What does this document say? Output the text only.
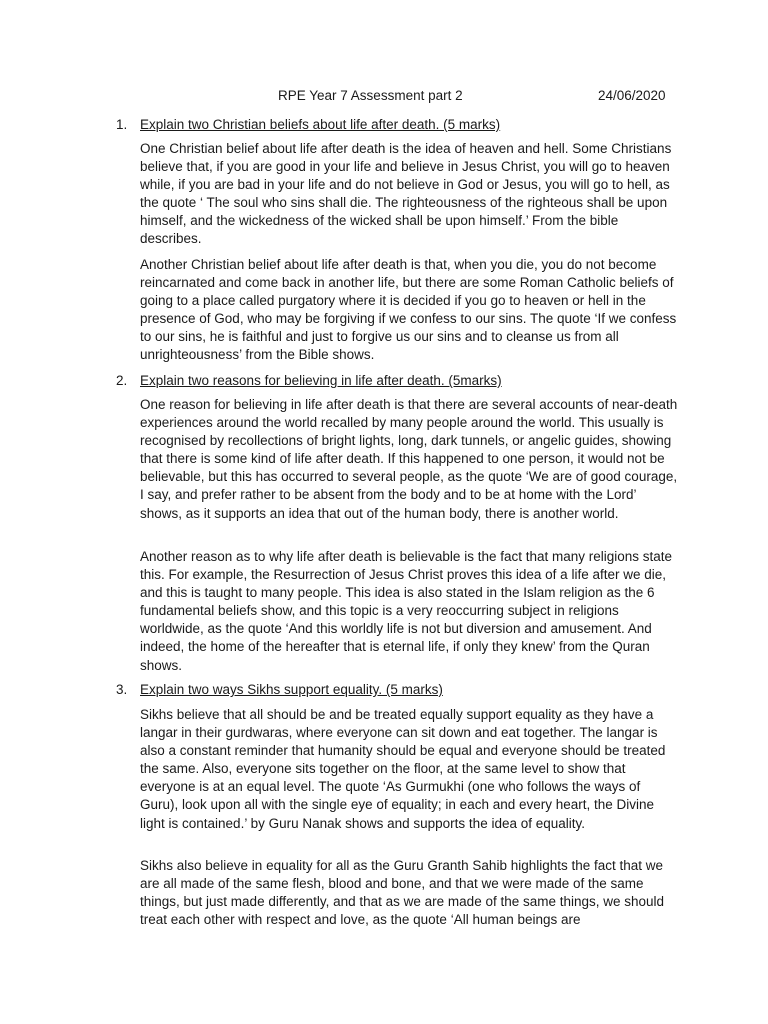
RPE Year 7 Assessment part 2	24/06/2020
1. Explain two Christian beliefs about life after death. (5 marks)

One Christian belief about life after death is the idea of heaven and hell. Some Christians believe that, if you are good in your life and believe in Jesus Christ, you will go to heaven while, if you are bad in your life and do not believe in God or Jesus, you will go to hell, as the quote ‘ The soul who sins shall die. The righteousness of the righteous shall be upon himself, and the wickedness of the wicked shall be upon himself.’ From the bible describes.

Another Christian belief about life after death is that, when you die, you do not become reincarnated and come back in another life, but there are some Roman Catholic beliefs of going to a place called purgatory where it is decided if you go to heaven or hell in the presence of God, who may be forgiving if we confess to our sins. The quote ‘If we confess to our sins, he is faithful and just to forgive us our sins and to cleanse us from all unrighteousness’ from the Bible shows.

2. Explain two reasons for believing in life after death. (5marks)

One reason for believing in life after death is that there are several accounts of near-death experiences around the world recalled by many people around the world. This usually is recognised by recollections of bright lights, long, dark tunnels, or angelic guides, showing that there is some kind of life after death. If this happened to one person, it would not be believable, but this has occurred to several people, as the quote ‘We are of good courage, I say, and prefer rather to be absent from the body and to be at home with the Lord’ shows, as it supports an idea that out of the human body, there is another world.

Another reason as to why life after death is believable is the fact that many religions state this. For example, the Resurrection of Jesus Christ proves this idea of a life after we die, and this is taught to many people. This idea is also stated in the Islam religion as the 6 fundamental beliefs show, and this topic is a very reoccurring subject in religions worldwide, as the quote ‘And this worldly life is not but diversion and amusement. And indeed, the home of the hereafter that is eternal life, if only they knew’ from the Quran shows.

3. Explain two ways Sikhs support equality. (5 marks)

Sikhs believe that all should be and be treated equally support equality as they have a langar in their gurdwaras, where everyone can sit down and eat together. The langar is also a constant reminder that humanity should be equal and everyone should be treated the same. Also, everyone sits together on the floor, at the same level to show that everyone is at an equal level. The quote ‘As Gurmukhi (one who follows the ways of Guru), look upon all with the single eye of equality; in each and every heart, the Divine light is contained.’ by Guru Nanak shows and supports the idea of equality.

Sikhs also believe in equality for all as the Guru Granth Sahib highlights the fact that we are all made of the same flesh, blood and bone, and that we were made of the same things, but just made differently, and that as we are made of the same things, we should treat each other with respect and love, as the quote ‘All human beings are
